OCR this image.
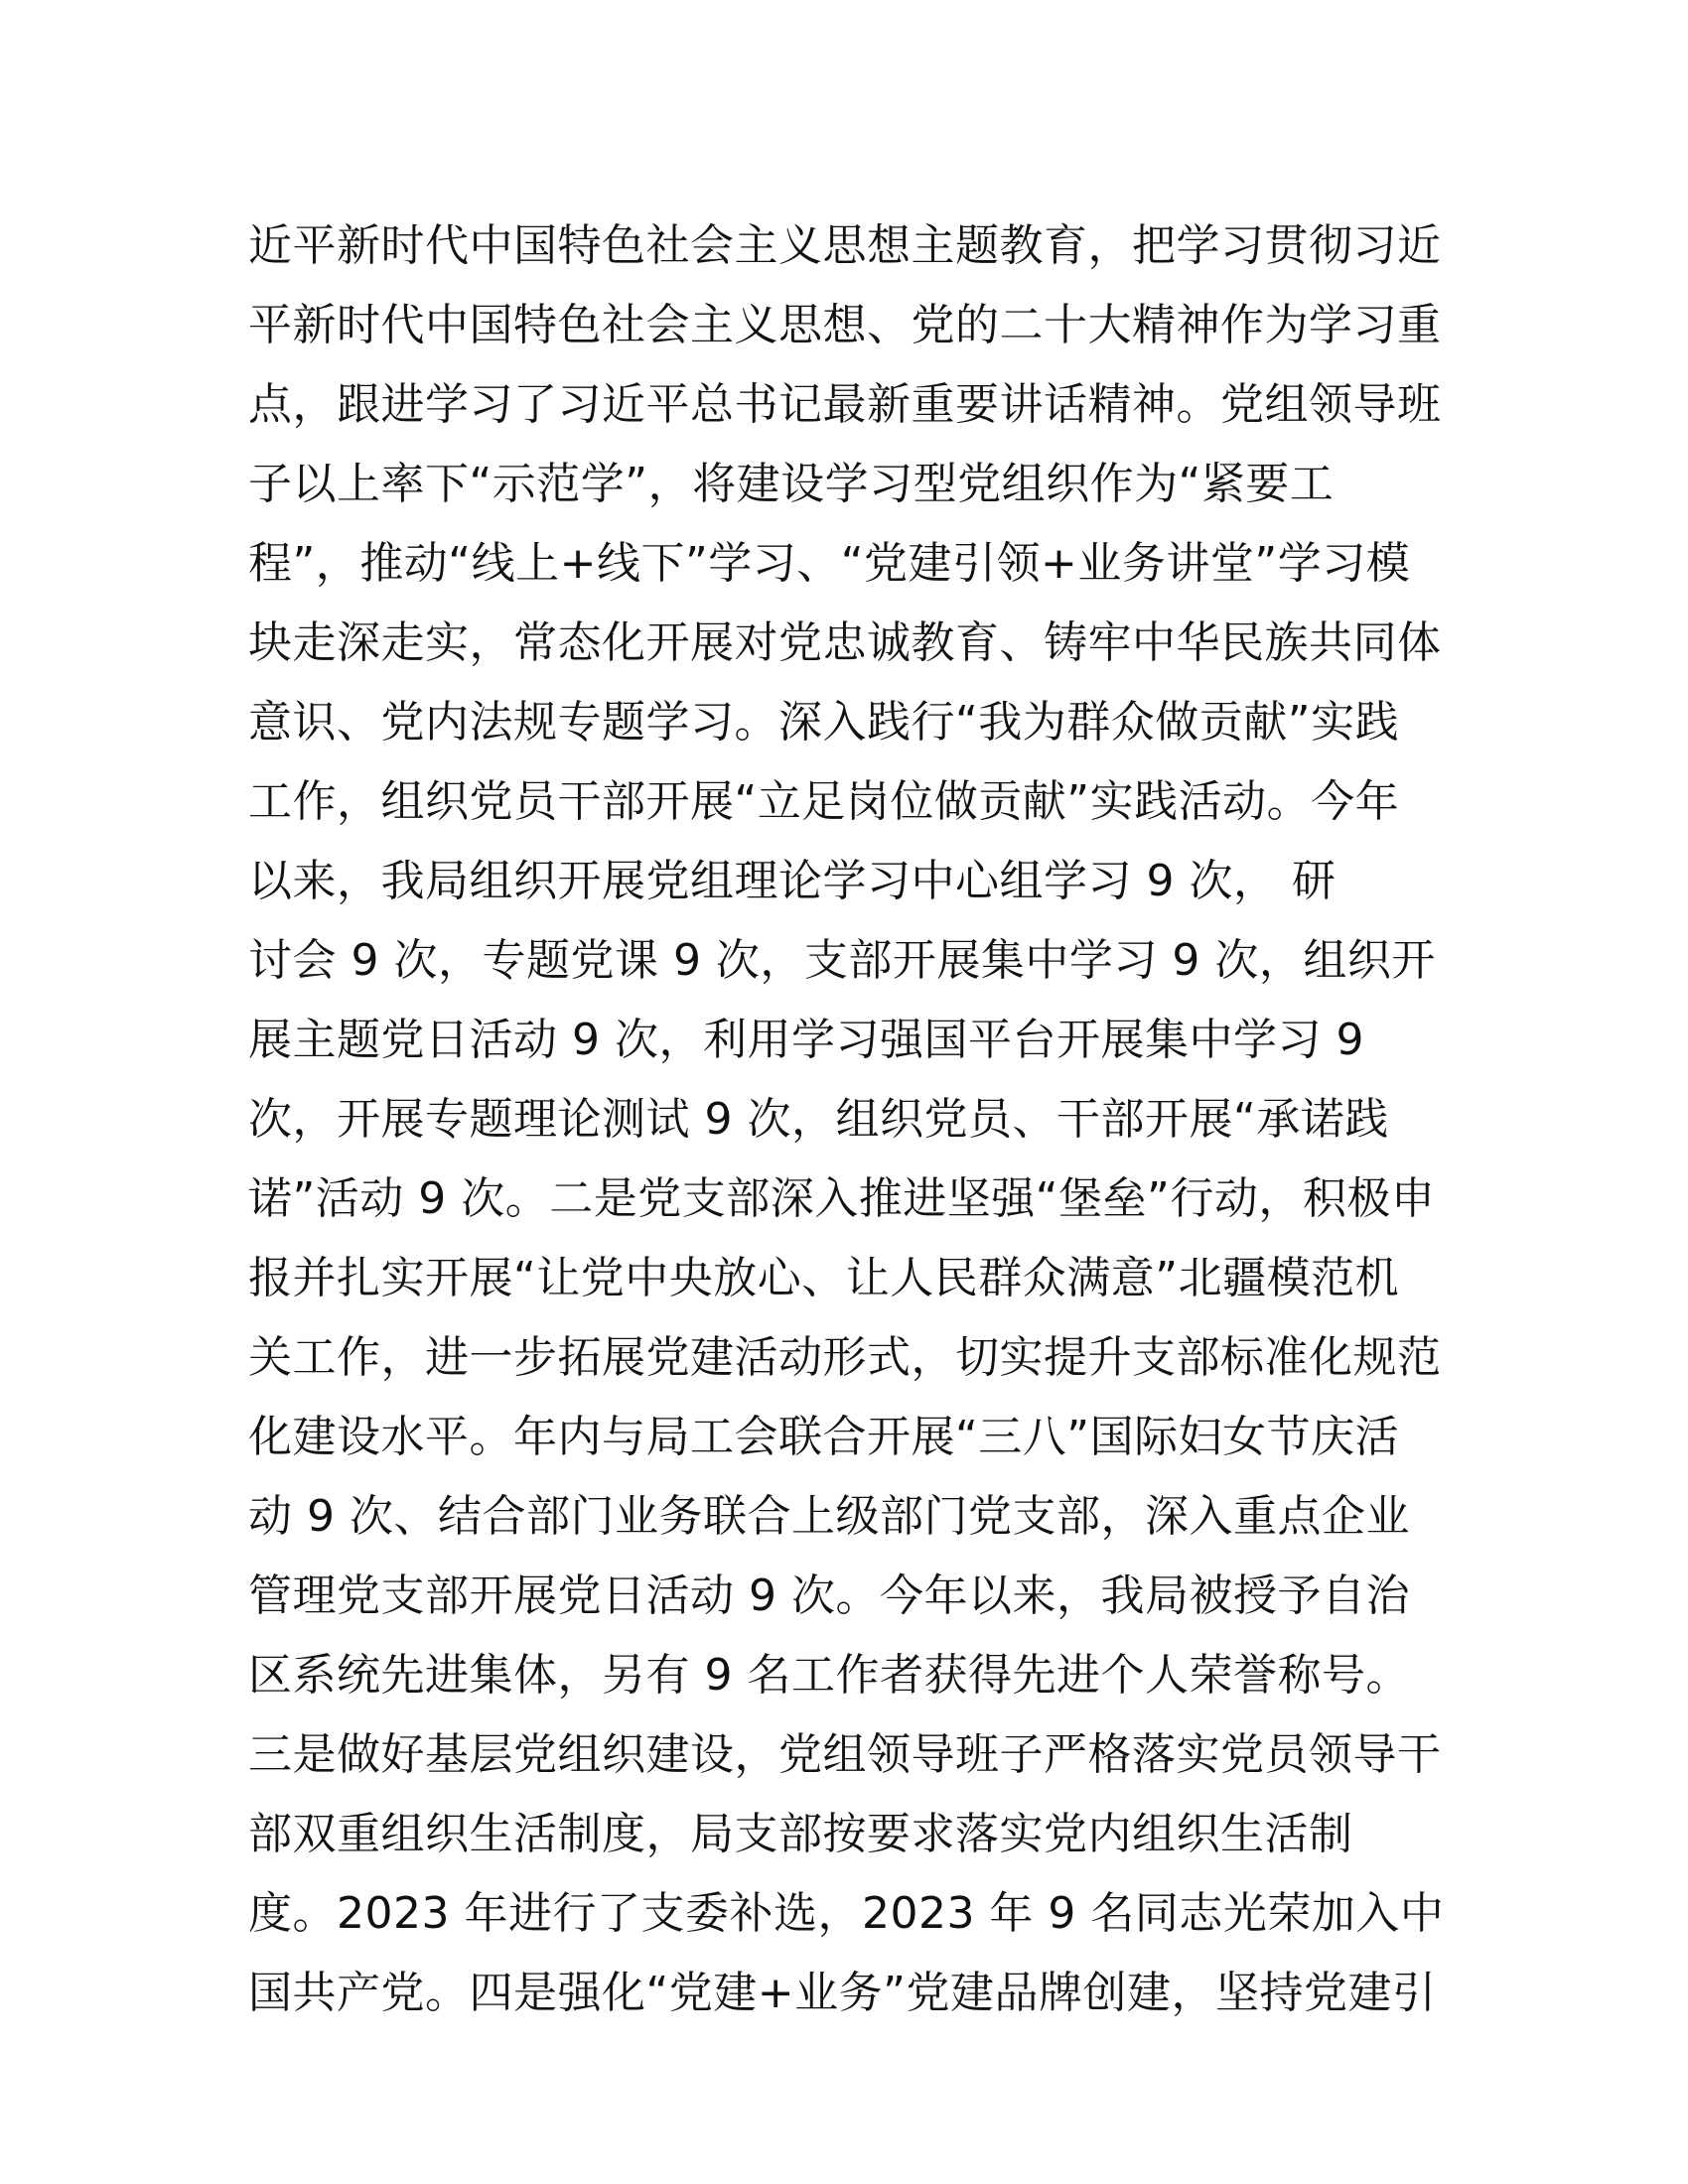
近平新时代中国特色社会主义思想主题教育，把学习贯彻习近
平新时代中国特色社会主义思想、党的二十大精神作为学习重
点，跟进学习了习近平总书记最新重要讲话精神。党组领导班
子以上率下“示范学”，将建设学习型党组织作为“紧要工
程”，推动“线上+线下”学习、“党建引领+业务讲堂”学习模
块走深走实，常态化开展对党忠诚教育、铸牢中华民族共同体
意识、党内法规专题学习。深入践行“我为群众做贡献”实践
工作，组织党员干部开展“立足岗位做贡献”实践活动。今年
以来，我局组织开展党组理论学习中心组学习 9 次， 研
讨会 9 次，专题党课 9 次，支部开展集中学习 9 次，组织开
展主题党日活动 9 次，利用学习强国平台开展集中学习 9
次，开展专题理论测试 9 次，组织党员、干部开展“承诺践
诺”活动 9 次。二是党支部深入推进坚强“堡垒”行动，积极申
报并扎实开展“让党中央放心、让人民群众满意”北疆模范机
关工作，进一步拓展党建活动形式，切实提升支部标准化规范
化建设水平。年内与局工会联合开展“三八”国际妇女节庆活
动 9 次、结合部门业务联合上级部门党支部，深入重点企业
管理党支部开展党日活动 9 次。今年以来，我局被授予自治
区系统先进集体，另有 9 名工作者获得先进个人荣誉称号。
三是做好基层党组织建设，党组领导班子严格落实党员领导干
部双重组织生活制度，局支部按要求落实党内组织生活制
度。2023 年进行了支委补选，2023 年 9 名同志光荣加入中
国共产党。四是强化“党建+业务”党建品牌创建，坚持党建引
